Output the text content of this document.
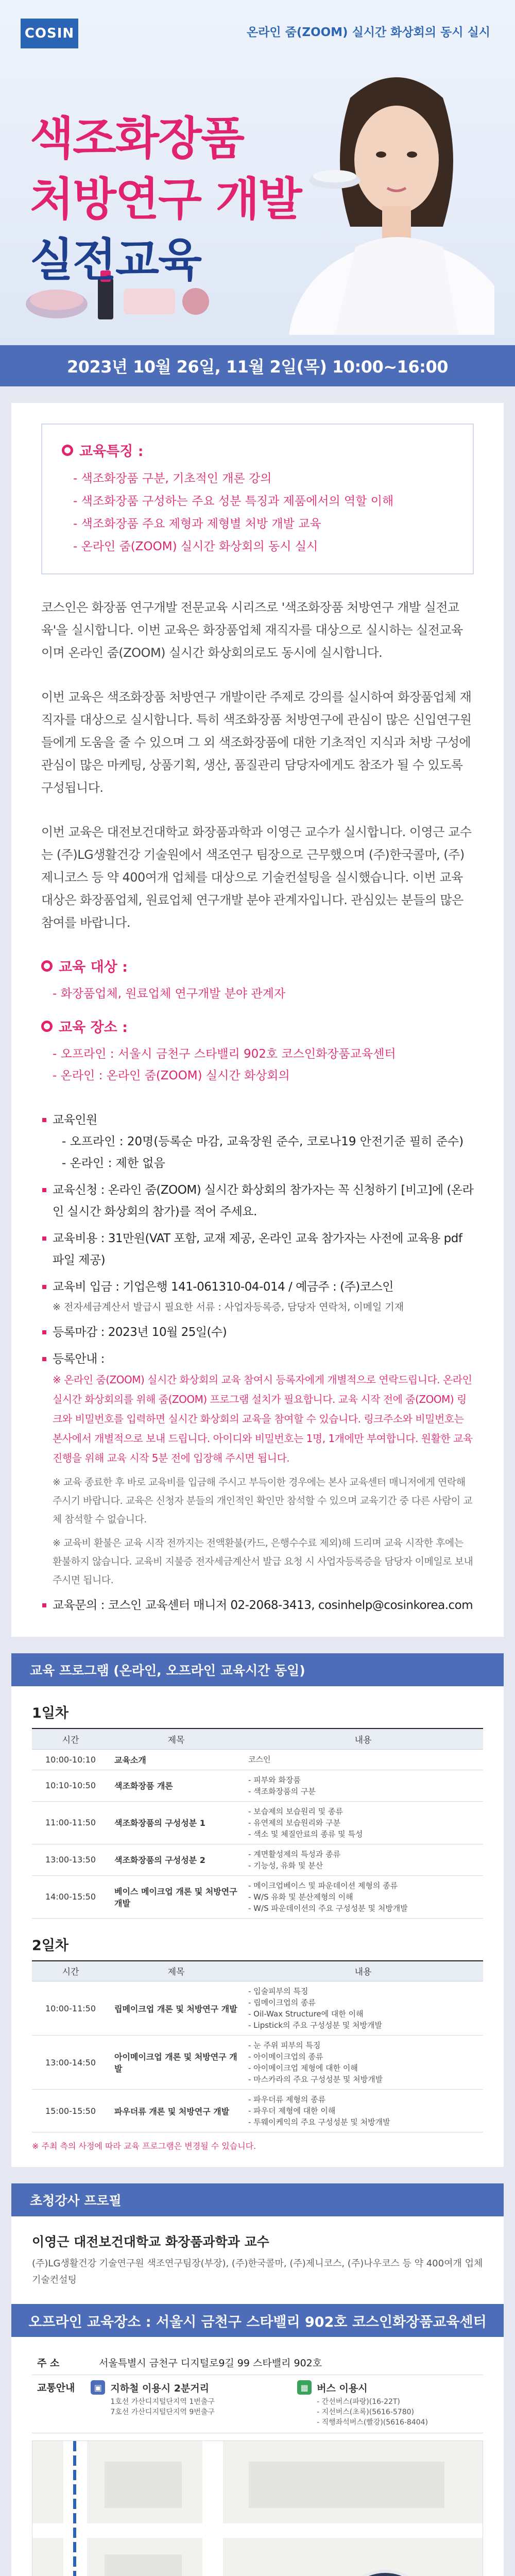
COSIN	온라인 줌(ZOOM) 실시간 화상회의 동시 실시
색조화장품
처방연구 개발
실전교육
2023년 10월 26일, 11월 2일(목) 10:00~16:00
교육특징 :
- 색조화장품 구분, 기초적인 개론 강의
- 색조화장품 구성하는 주요 성분 특징과 제품에서의 역할 이해
- 색조화장품 주요 제형과 제형별 처방 개발 교육
- 온라인 줌(ZOOM) 실시간 화상회의 동시 실시

코스인은 화장품 연구개발 전문교육 시리즈로 '색조화장품 처방연구 개발 실전교육'을 실시합니다. 이번 교육은 화장품업체 재직자를 대상으로 실시하는 실전교육이며 온라인 줌(ZOOM) 실시간 화상회의로도 동시에 실시합니다.

이번 교육은 색조화장품 처방연구 개발이란 주제로 강의를 실시하여 화장품업체 재직자를 대상으로 실시합니다. 특히 색조화장품 처방연구에 관심이 많은 신입연구원들에게 도움을 줄 수 있으며 그 외 색조화장품에 대한 기초적인 지식과 처방 구성에 관심이 많은 마케팅, 상품기획, 생산, 품질관리 담당자에게도 참조가 될 수 있도록 구성됩니다.

이번 교육은 대전보건대학교 화장품과학과 이영근 교수가 실시합니다. 이영근 교수는 (주)LG생활건강 기술원에서 색조연구 팀장으로 근무했으며 (주)한국콜마, (주)제니코스 등 약 400여개 업체를 대상으로 기술컨설팅을 실시했습니다. 이번 교육대상은 화장품업체, 원료업체 연구개발 분야 관계자입니다. 관심있는 분들의 많은 참여를 바랍니다.

교육 대상 :
- 화장품업체, 원료업체 연구개발 분야 관계자
교육 장소 :
- 오프라인 : 서울시 금천구 스타밸리 902호 코스인화장품교육센터
- 온라인 : 온라인 줌(ZOOM) 실시간 화상회의
교육인원
- 오프라인 : 20명(등록순 마감, 교육장원 준수, 코로나19 안전기준 필히 준수)
- 온라인 : 제한 없음
교육신청 : 온라인 줌(ZOOM) 실시간 화상회의 참가자는 꼭 신청하기 [비고]에 (온라인 실시간 화상회의 참가)를 적어 주세요.
교육비용 : 31만원(VAT 포함, 교재 제공, 온라인 교육 참가자는 사전에 교육용 pdf 파일 제공)
교육비 입금 : 기업은행 141-061310-04-014 / 예금주 : (주)코스인
※ 전자세금계산서 발급시 필요한 서류 : 사업자등록증, 담당자 연락처, 이메일 기재
등록마감 : 2023년 10월 25일(수)
등록안내 :
※ 온라인 줌(ZOOM) 실시간 화상회의 교육 참여시 등록자에게 개별적으로 연락드립니다. 온라인 실시간 화상회의를 위해 줌(ZOOM) 프로그램 설치가 필요합니다. 교육 시작 전에 줌(ZOOM) 링크와 비밀번호를 입력하면 실시간 화상회의 교육을 참여할 수 있습니다. 링크주소와 비밀번호는 본사에서 개별적으로 보내 드립니다. 아이디와 비밀번호는 1명, 1개에만 부여합니다. 원활한 교육 진행을 위해 교육 시작 5분 전에 입장해 주시면 됩니다.
※ 교육 종료한 후 바로 교육비를 입금해 주시고 부득이한 경우에는 본사 교육센터 매니저에게 연락해 주시기 바랍니다. 교육은 신청자 분들의 개인적인 확인만 참석할 수 있으며 교육기간 중 다른 사람이 교체 참석할 수 없습니다.
※ 교육비 환불은 교육 시작 전까지는 전액환불(카드, 은행수수료 제외)해 드리며 교육 시작한 후에는 환불하지 않습니다. 교육비 지불증 전자세금계산서 발급 요청 시 사업자등록증을 담당자 이메일로 보내주시면 됩니다.
교육문의 : 코스인 교육센터 매니저 02-2068-3413, cosinhelp@cosinkorea.com
교육 프로그램 (온라인, 오프라인 교육시간 동일)
1일차
시간	제목	내용
10:00-10:10	교육소개	코스인

10:10-10:50	색조화장품 개론	- 피부와 화장품
- 색조화장품의 구분

11:00-11:50	색조화장품의 구성성분 1	- 보습제의 보습원리 및 종류
- 유연제의 보습원리와 구분
- 색소 및 체질안료의 종류 및 특성

13:00-13:50	색조화장품의 구성성분 2	- 계면활성제의 특성과 종류
- 기능성, 유화 및 분산

14:00-15:50	베이스 메이크업 개론 및 처방연구 개발	- 메이크업베이스 및 파운데이션 제형의 종류
- W/S 유화 및 분산제형의 이해
- W/S 파운데이션의 주요 구성성분 및 처방개발
2일차
시간	제목	내용
10:00-11:50	립메이크업 개론 및 처방연구 개발	- 입술피부의 특징
- 립메이크업의 종류
- Oil-Wax Structure에 대한 이해
- Lipstick의 주요 구성성분 및 처방개발

13:00-14:50	아이메이크업 개론 및 처방연구 개발	- 눈 주위 피부의 특징
- 아이메이크업의 종류
- 아이메이크업 제형에 대한 이해
- 마스카라의 주요 구성성분 및 처방개발

15:00-15:50	파우더류 개론 및 처방연구 개발	- 파우더류 제형의 종류
- 파우더 제형에 대한 이해
- 투웨이케익의 주요 구성성분 및 처방개발
※ 주최 측의 사정에 따라 교육 프로그램은 변경될 수 있습니다.
초청강사 프로필
이영근 대전보건대학교 화장품과학과 교수
(주)LG생활건강 기술연구원 색조연구팀장(부장), (주)한국콜마, (주)제니코스, (주)나우코스 등 약 400여개 업체 기술컨설팅
오프라인 교육장소 : 서울시 금천구 스타밸리 902호 코스인화장품교육센터
주 소	서울특별시 금천구 디지털로9길 99 스타밸리 902호
교통안내	▣ 지하철 이용시 2분거리
1호선 가산디지털단지역 1번출구
7호선 가산디지털단지역 9번출구
▦ 버스 이용시
- 간선버스(파랑)(16-22T)
- 지선버스(초록)(5616-5780)
- 직행좌석버스(빨강)(5616-8404)
